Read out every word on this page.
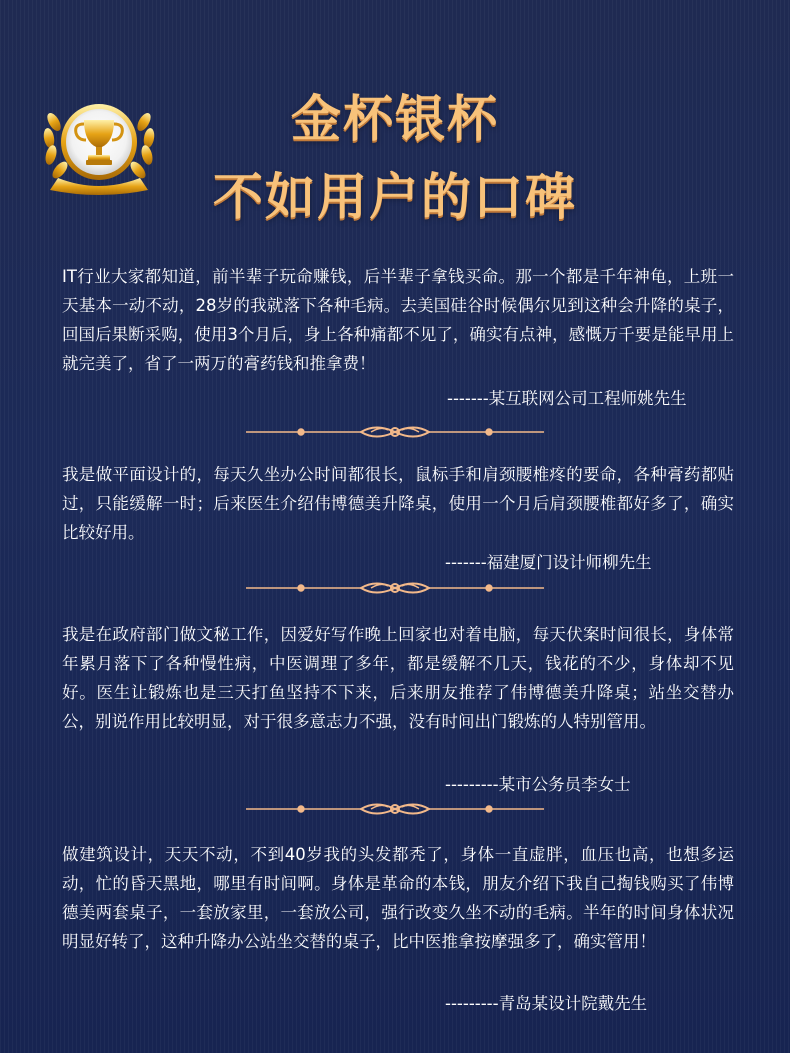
金杯银杯
不如用户的口碑

IT行业大家都知道，前半辈子玩命赚钱，后半辈子拿钱买命。那一个都是千年神龟，上班一天基本一动不动，28岁的我就落下各种毛病。去美国硅谷时候偶尔见到这种会升降的桌子，回国后果断采购，使用3个月后，身上各种痛都不见了，确实有点神，感慨万千要是能早用上就完美了，省了一两万的膏药钱和推拿费！

-------某互联网公司工程师姚先生

我是做平面设计的，每天久坐办公时间都很长，鼠标手和肩颈腰椎疼的要命，各种膏药都贴过，只能缓解一时；后来医生介绍伟博德美升降桌，使用一个月后肩颈腰椎都好多了，确实比较好用。

-------福建厦门设计师柳先生

我是在政府部门做文秘工作，因爱好写作晚上回家也对着电脑，每天伏案时间很长，身体常年累月落下了各种慢性病，中医调理了多年，都是缓解不几天，钱花的不少，身体却不见好。医生让锻炼也是三天打鱼坚持不下来，后来朋友推荐了伟博德美升降桌；站坐交替办公，别说作用比较明显，对于很多意志力不强，没有时间出门锻炼的人特别管用。

---------某市公务员李女士

做建筑设计，天天不动，不到40岁我的头发都秃了，身体一直虚胖，血压也高，也想多运动，忙的昏天黑地，哪里有时间啊。身体是革命的本钱，朋友介绍下我自己掏钱购买了伟博德美两套桌子，一套放家里，一套放公司，强行改变久坐不动的毛病。半年的时间身体状况明显好转了，这种升降办公站坐交替的桌子，比中医推拿按摩强多了，确实管用！

---------青岛某设计院戴先生
